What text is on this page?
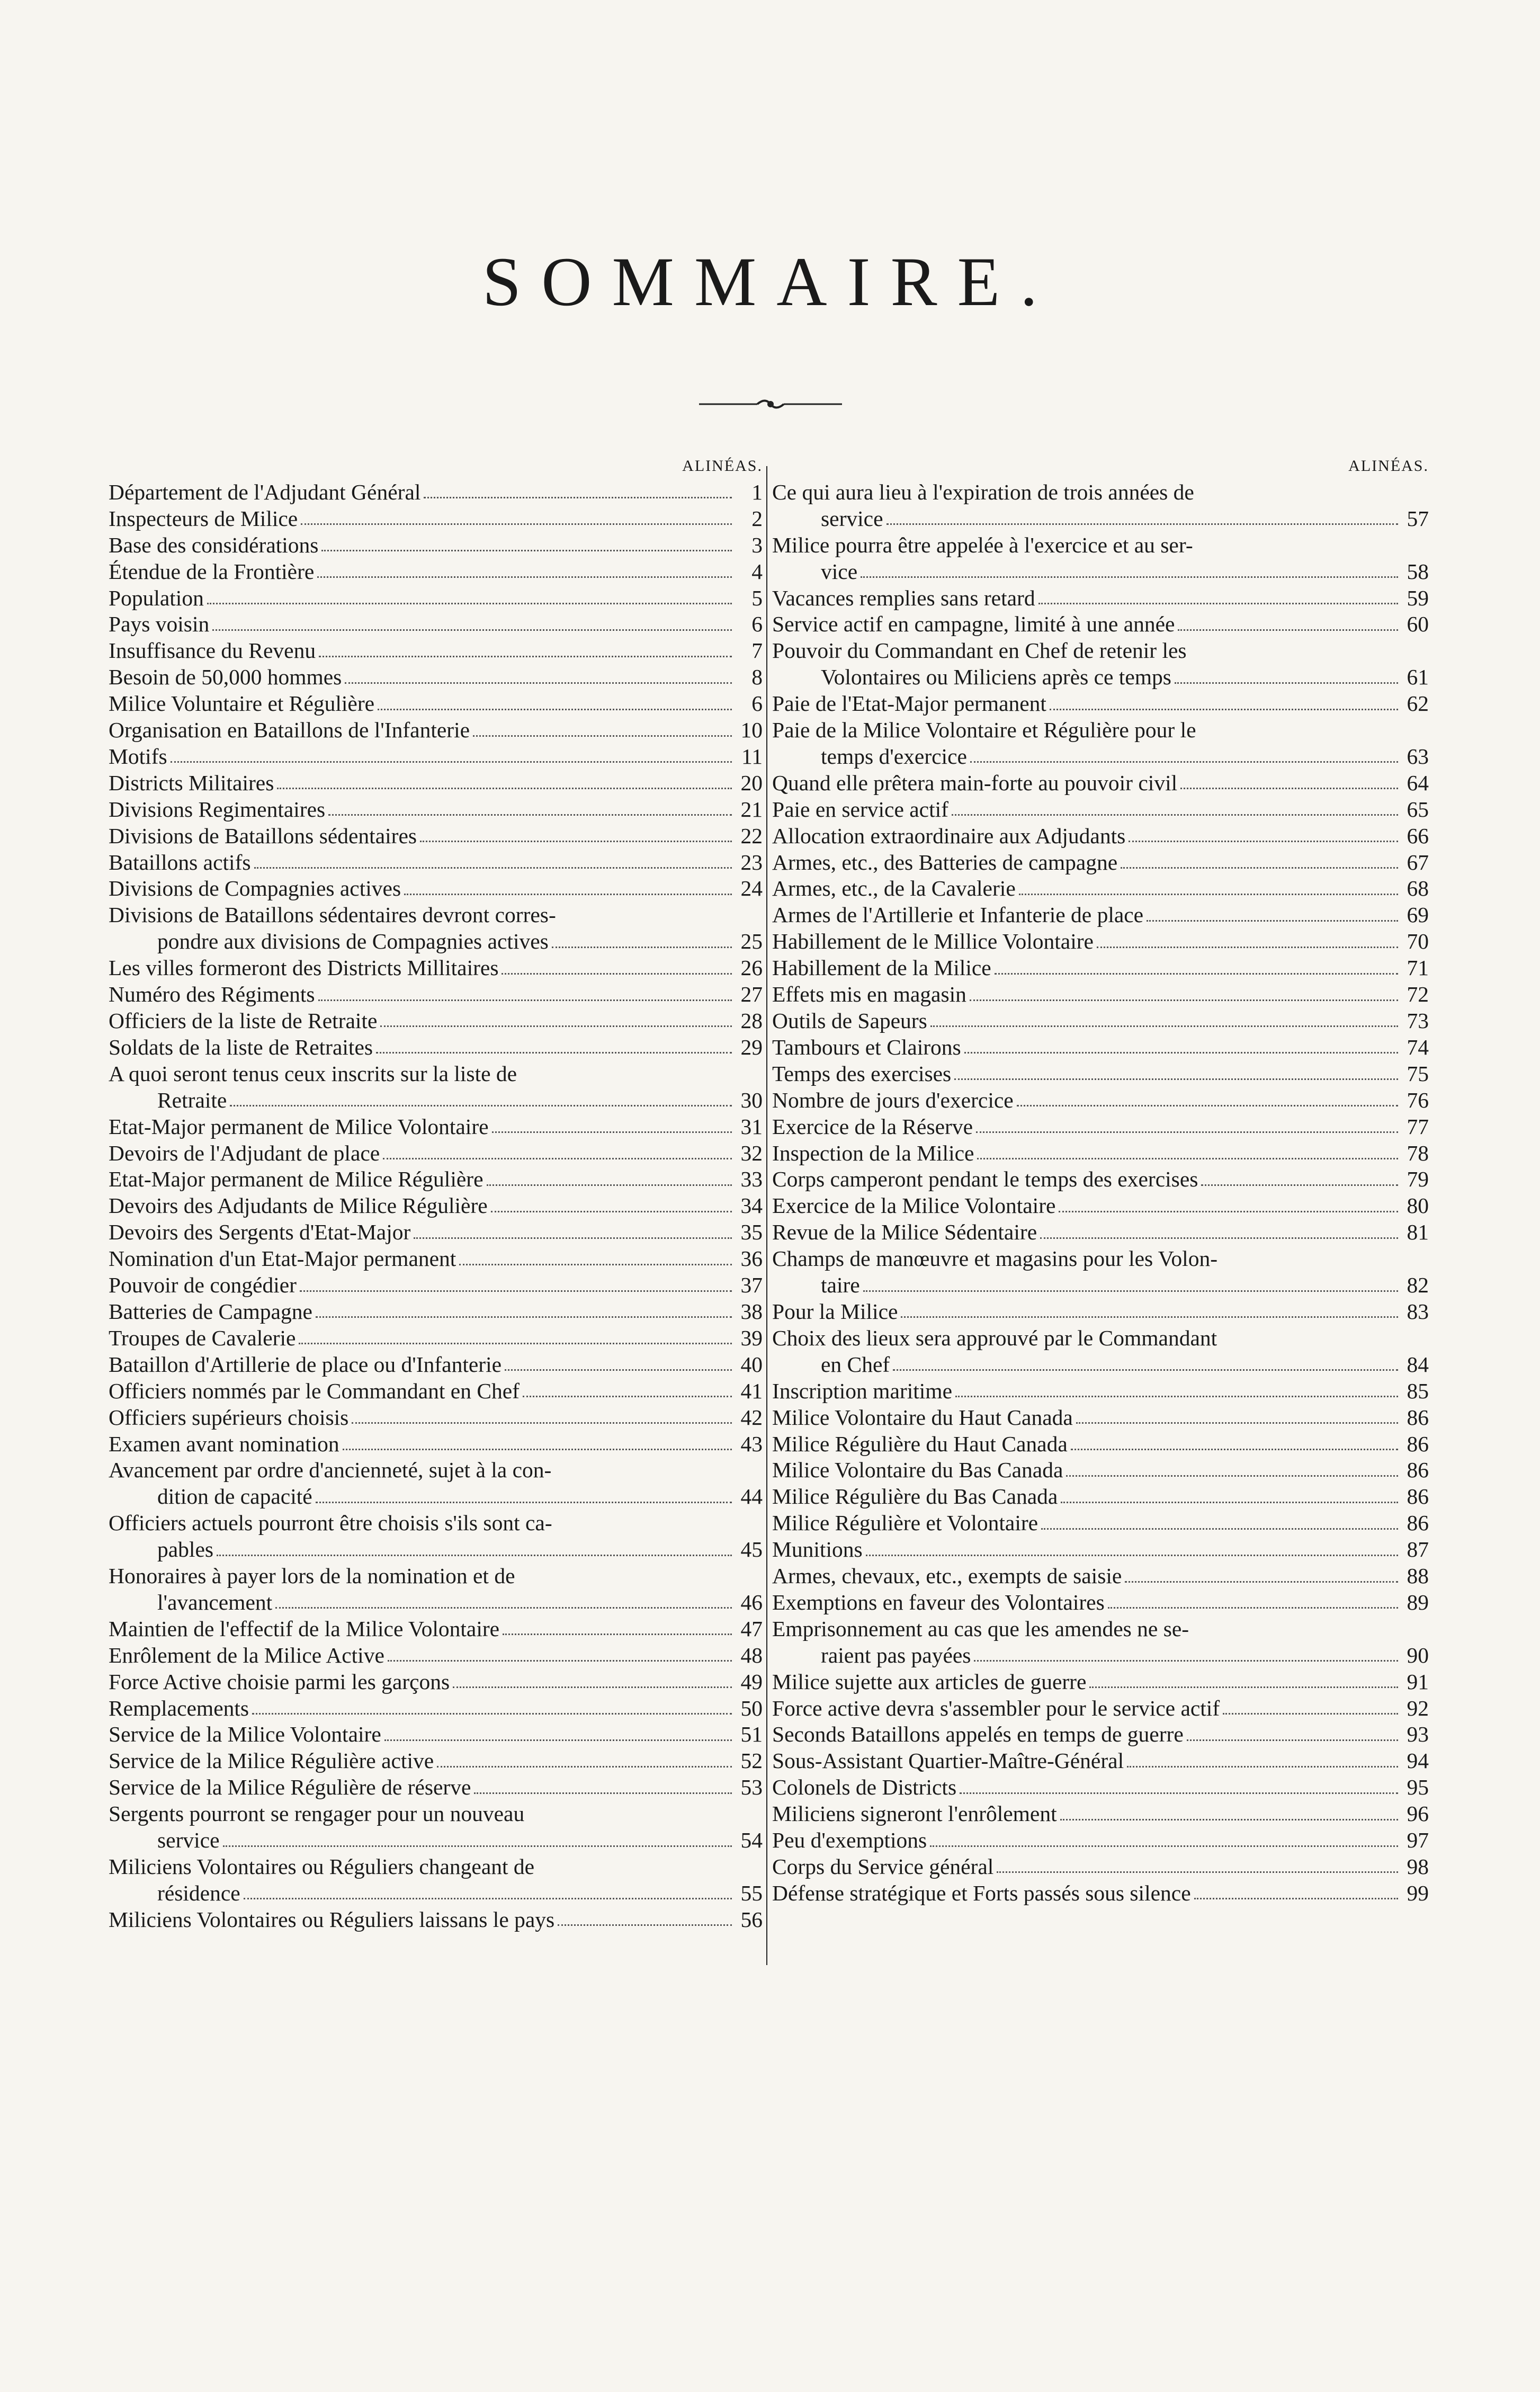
SOMMAIRE.
ALINÉAS.
Département de l'Adjudant Général	1
Inspecteurs de Milice	2
Base des considérations	3
Étendue de la Frontière	4
Population	5
Pays voisin	6
Insuffisance du Revenu	7
Besoin de 50,000 hommes	8
Milice Voluntaire et Régulière	6
Organisation en Bataillons de l'Infanterie	10
Motifs	11
Districts Militaires	20
Divisions Regimentaires	21
Divisions de Bataillons sédentaires	22
Bataillons actifs	23
Divisions de Compagnies actives	24
Divisions de Bataillons sédentaires devront corres-
pondre aux divisions de Compagnies actives	25
Les villes formeront des Districts Millitaires	26
Numéro des Régiments	27
Officiers de la liste de Retraite	28
Soldats de la liste de Retraites	29
A quoi seront tenus ceux inscrits sur la liste de
Retraite	30
Etat-Major permanent de Milice Volontaire	31
Devoirs de l'Adjudant de place	32
Etat-Major permanent de Milice Régulière	33
Devoirs des Adjudants de Milice Régulière	34
Devoirs des Sergents d'Etat-Major	35
Nomination d'un Etat-Major permanent	36
Pouvoir de congédier	37
Batteries de Campagne	38
Troupes de Cavalerie	39
Bataillon d'Artillerie de place ou d'Infanterie	40
Officiers nommés par le Commandant en Chef	41
Officiers supérieurs choisis	42
Examen avant nomination	43
Avancement par ordre d'ancienneté, sujet à la con-
dition de capacité	44
Officiers actuels pourront être choisis s'ils sont ca-
pables	45
Honoraires à payer lors de la nomination et de
l'avancement	46
Maintien de l'effectif de la Milice Volontaire	47
Enrôlement de la Milice Active	48
Force Active choisie parmi les garçons	49
Remplacements	50
Service de la Milice Volontaire	51
Service de la Milice Régulière active	52
Service de la Milice Régulière de réserve	53
Sergents pourront se rengager pour un nouveau
service	54
Miliciens Volontaires ou Réguliers changeant de
résidence	55
Miliciens Volontaires ou Réguliers laissans le pays	56
ALINÉAS.
Ce qui aura lieu à l'expiration de trois années de
service	57
Milice pourra être appelée à l'exercice et au ser-
vice	58
Vacances remplies sans retard	59
Service actif en campagne, limité à une année	60
Pouvoir du Commandant en Chef de retenir les
Volontaires ou Miliciens après ce temps	61
Paie de l'Etat-Major permanent	62
Paie de la Milice Volontaire et Régulière pour le
temps d'exercice	63
Quand elle prêtera main-forte au pouvoir civil	64
Paie en service actif	65
Allocation extraordinaire aux Adjudants	66
Armes, etc., des Batteries de campagne	67
Armes, etc., de la Cavalerie	68
Armes de l'Artillerie et Infanterie de place	69
Habillement de le Millice Volontaire	70
Habillement de la Milice	71
Effets mis en magasin	72
Outils de Sapeurs	73
Tambours et Clairons	74
Temps des exercises	75
Nombre de jours d'exercice	76
Exercice de la Réserve	77
Inspection de la Milice	78
Corps camperont pendant le temps des exercises	79
Exercice de la Milice Volontaire	80
Revue de la Milice Sédentaire	81
Champs de manœuvre et magasins pour les Volon-
taire	82
Pour la Milice	83
Choix des lieux sera approuvé par le Commandant
en Chef	84
Inscription maritime	85
Milice Volontaire du Haut Canada	86
Milice Régulière du Haut Canada	86
Milice Volontaire du Bas Canada	86
Milice Régulière du Bas Canada	86
Milice Régulière et Volontaire	86
Munitions	87
Armes, chevaux, etc., exempts de saisie	88
Exemptions en faveur des Volontaires	89
Emprisonnement au cas que les amendes ne se-
raient pas payées	90
Milice sujette aux articles de guerre	91
Force active devra s'assembler pour le service actif	92
Seconds Bataillons appelés en temps de guerre	93
Sous-Assistant Quartier-Maître-Général	94
Colonels de Districts	95
Miliciens signeront l'enrôlement	96
Peu d'exemptions	97
Corps du Service général	98
Défense stratégique et Forts passés sous silence	99
